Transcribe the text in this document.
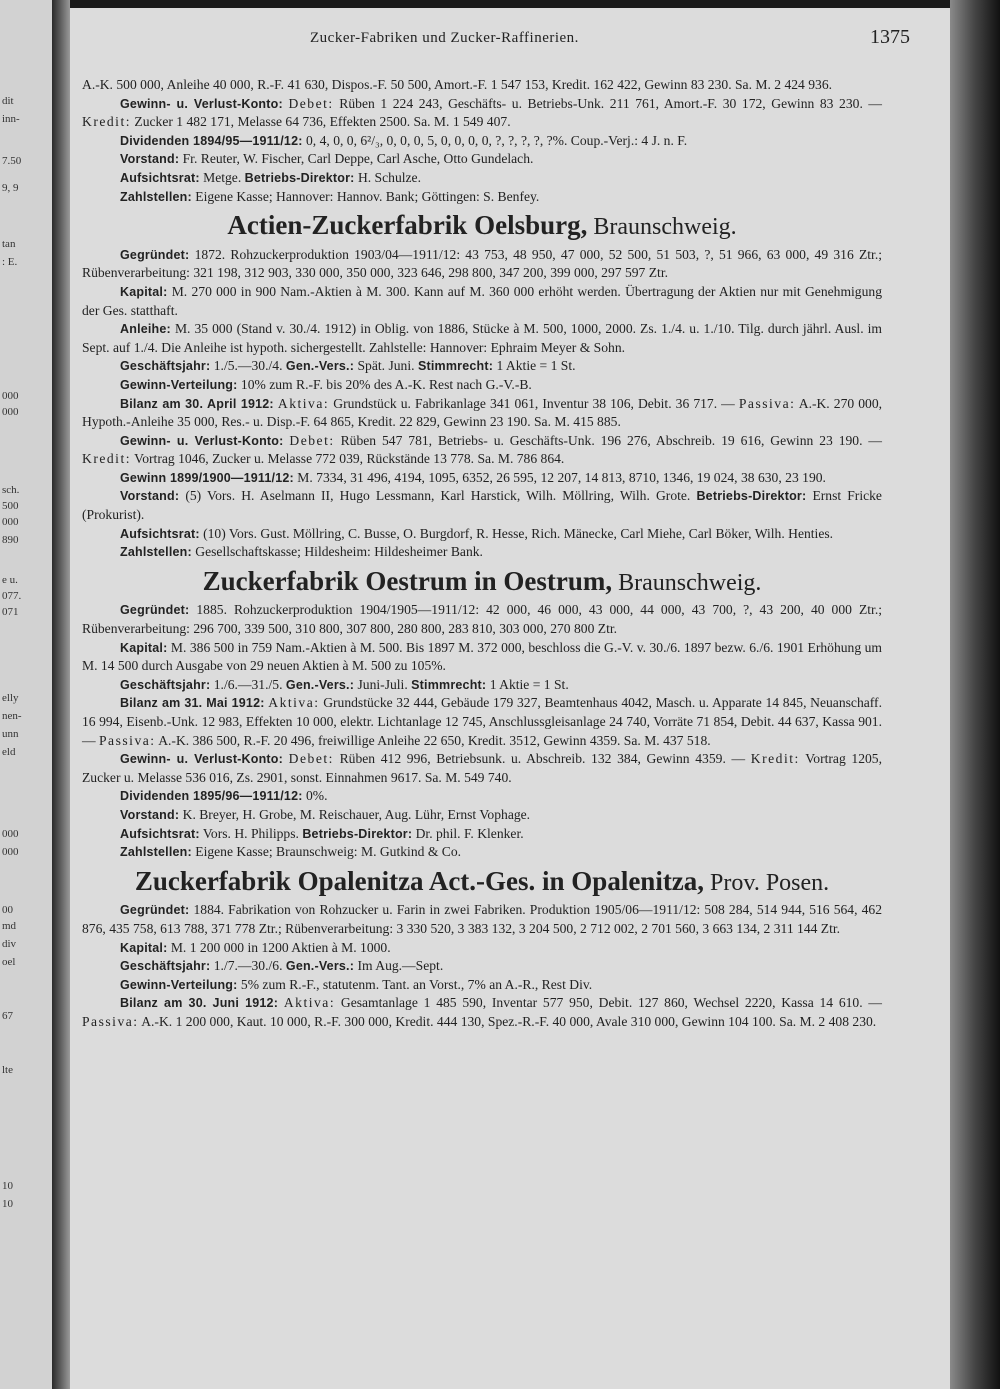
dit
inn-
7.50
9, 9
tan
: E.
000
000
sch.
500
000
890
e u.
077.
071
elly
nen-
unn
eld
000
000
00
md
div
oel
67
lte
10
10
Zucker-Fabriken und Zucker-Raffinerien.	1375

A.-K. 500 000, Anleihe 40 000, R.-F. 41 630, Dispos.-F. 50 500, Amort.-F. 1 547 153, Kredit. 162 422, Gewinn 83 230. Sa. M. 2 424 936.

Gewinn- u. Verlust-Konto: Debet: Rüben 1 224 243, Geschäfts- u. Betriebs-Unk. 211 761, Amort.-F. 30 172, Gewinn 83 230. — Kredit: Zucker 1 482 171, Melasse 64 736, Effekten 2500. Sa. M. 1 549 407.

Dividenden 1894/95—1911/12: 0, 4, 0, 0, 6²/₃, 0, 0, 0, 5, 0, 0, 0, 0, ?, ?, ?, ?, ?%. Coup.-Verj.: 4 J. n. F.

Vorstand: Fr. Reuter, W. Fischer, Carl Deppe, Carl Asche, Otto Gundelach.

Aufsichtsrat: Metge. Betriebs-Direktor: H. Schulze.

Zahlstellen: Eigene Kasse; Hannover: Hannov. Bank; Göttingen: S. Benfey.

Actien-Zuckerfabrik Oelsburg, Braunschweig.

Gegründet: 1872. Rohzuckerproduktion 1903/04—1911/12: 43 753, 48 950, 47 000, 52 500, 51 503, ?, 51 966, 63 000, 49 316 Ztr.; Rübenverarbeitung: 321 198, 312 903, 330 000, 350 000, 323 646, 298 800, 347 200, 399 000, 297 597 Ztr.

Kapital: M. 270 000 in 900 Nam.-Aktien à M. 300. Kann auf M. 360 000 erhöht werden. Übertragung der Aktien nur mit Genehmigung der Ges. statthaft.

Anleihe: M. 35 000 (Stand v. 30./4. 1912) in Oblig. von 1886, Stücke à M. 500, 1000, 2000. Zs. 1./4. u. 1./10. Tilg. durch jährl. Ausl. im Sept. auf 1./4. Die Anleihe ist hypoth. sichergestellt. Zahlstelle: Hannover: Ephraim Meyer & Sohn.

Geschäftsjahr: 1./5.—30./4. Gen.-Vers.: Spät. Juni. Stimmrecht: 1 Aktie = 1 St.

Gewinn-Verteilung: 10% zum R.-F. bis 20% des A.-K. Rest nach G.-V.-B.

Bilanz am 30. April 1912: Aktiva: Grundstück u. Fabrikanlage 341 061, Inventur 38 106, Debit. 36 717. — Passiva: A.-K. 270 000, Hypoth.-Anleihe 35 000, Res.- u. Disp.-F. 64 865, Kredit. 22 829, Gewinn 23 190. Sa. M. 415 885.

Gewinn- u. Verlust-Konto: Debet: Rüben 547 781, Betriebs- u. Geschäfts-Unk. 196 276, Abschreib. 19 616, Gewinn 23 190. — Kredit: Vortrag 1046, Zucker u. Melasse 772 039, Rückstände 13 778. Sa. M. 786 864.

Gewinn 1899/1900—1911/12: M. 7334, 31 496, 4194, 1095, 6352, 26 595, 12 207, 14 813, 8710, 1346, 19 024, 38 630, 23 190.

Vorstand: (5) Vors. H. Aselmann II, Hugo Lessmann, Karl Harstick, Wilh. Möllring, Wilh. Grote. Betriebs-Direktor: Ernst Fricke (Prokurist).

Aufsichtsrat: (10) Vors. Gust. Möllring, C. Busse, O. Burgdorf, R. Hesse, Rich. Mänecke, Carl Miehe, Carl Böker, Wilh. Henties.

Zahlstellen: Gesellschaftskasse; Hildesheim: Hildesheimer Bank.

Zuckerfabrik Oestrum in Oestrum, Braunschweig.

Gegründet: 1885. Rohzuckerproduktion 1904/1905—1911/12: 42 000, 46 000, 43 000, 44 000, 43 700, ?, 43 200, 40 000 Ztr.; Rübenverarbeitung: 296 700, 339 500, 310 800, 307 800, 280 800, 283 810, 303 000, 270 800 Ztr.

Kapital: M. 386 500 in 759 Nam.-Aktien à M. 500. Bis 1897 M. 372 000, beschloss die G.-V. v. 30./6. 1897 bezw. 6./6. 1901 Erhöhung um M. 14 500 durch Ausgabe von 29 neuen Aktien à M. 500 zu 105%.

Geschäftsjahr: 1./6.—31./5. Gen.-Vers.: Juni-Juli. Stimmrecht: 1 Aktie = 1 St.

Bilanz am 31. Mai 1912: Aktiva: Grundstücke 32 444, Gebäude 179 327, Beamtenhaus 4042, Masch. u. Apparate 14 845, Neuanschaff. 16 994, Eisenb.-Unk. 12 983, Effekten 10 000, elektr. Lichtanlage 12 745, Anschlussgleisanlage 24 740, Vorräte 71 854, Debit. 44 637, Kassa 901. — Passiva: A.-K. 386 500, R.-F. 20 496, freiwillige Anleihe 22 650, Kredit. 3512, Gewinn 4359. Sa. M. 437 518.

Gewinn- u. Verlust-Konto: Debet: Rüben 412 996, Betriebsunk. u. Abschreib. 132 384, Gewinn 4359. — Kredit: Vortrag 1205, Zucker u. Melasse 536 016, Zs. 2901, sonst. Einnahmen 9617. Sa. M. 549 740.

Dividenden 1895/96—1911/12: 0%.

Vorstand: K. Breyer, H. Grobe, M. Reischauer, Aug. Lühr, Ernst Vophage.

Aufsichtsrat: Vors. H. Philipps. Betriebs-Direktor: Dr. phil. F. Klenker.

Zahlstellen: Eigene Kasse; Braunschweig: M. Gutkind & Co.

Zuckerfabrik Opalenitza Act.-Ges. in Opalenitza, Prov. Posen.

Gegründet: 1884. Fabrikation von Rohzucker u. Farin in zwei Fabriken. Produktion 1905/06—1911/12: 508 284, 514 944, 516 564, 462 876, 435 758, 613 788, 371 778 Ztr.; Rübenverarbeitung: 3 330 520, 3 383 132, 3 204 500, 2 712 002, 2 701 560, 3 663 134, 2 311 144 Ztr.

Kapital: M. 1 200 000 in 1200 Aktien à M. 1000.

Geschäftsjahr: 1./7.—30./6. Gen.-Vers.: Im Aug.—Sept.

Gewinn-Verteilung: 5% zum R.-F., statutenm. Tant. an Vorst., 7% an A.-R., Rest Div.

Bilanz am 30. Juni 1912: Aktiva: Gesamtanlage 1 485 590, Inventar 577 950, Debit. 127 860, Wechsel 2220, Kassa 14 610. — Passiva: A.-K. 1 200 000, Kaut. 10 000, R.-F. 300 000, Kredit. 444 130, Spez.-R.-F. 40 000, Avale 310 000, Gewinn 104 100. Sa. M. 2 408 230.
